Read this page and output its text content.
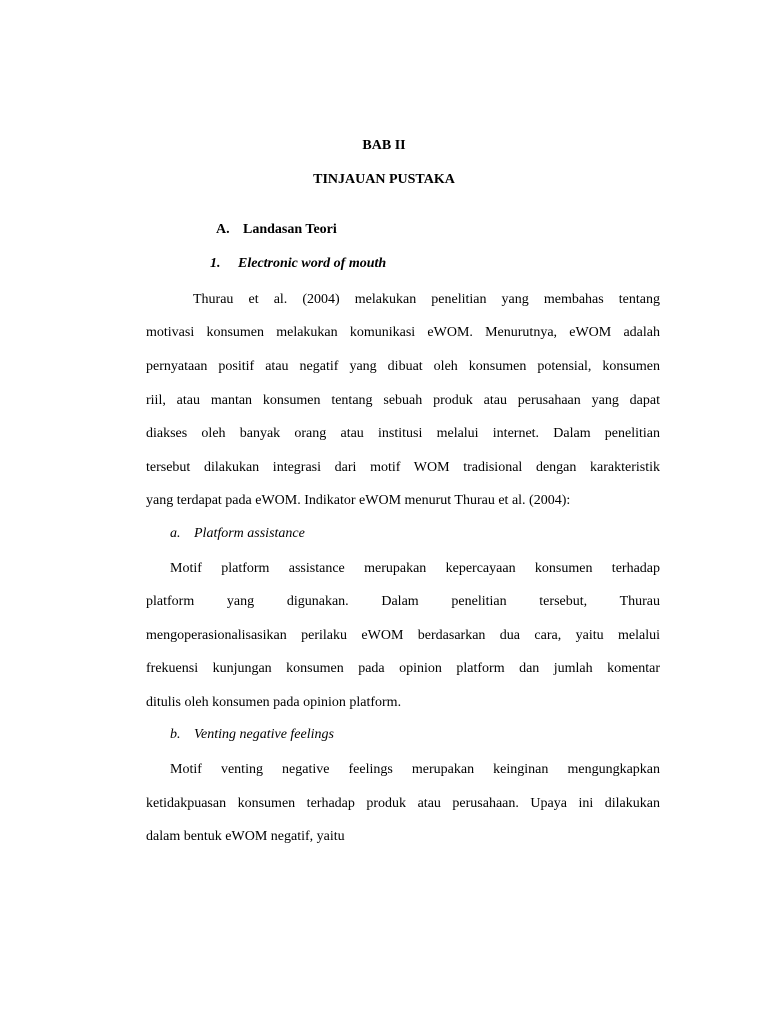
BAB II
TINJAUAN PUSTAKA
A. Landasan Teori
1. Electronic word of mouth
Thurau et al. (2004) melakukan penelitian yang membahas tentang
motivasi konsumen melakukan komunikasi eWOM. Menurutnya, eWOM adalah
pernyataan positif atau negatif yang dibuat oleh konsumen potensial, konsumen
riil, atau mantan konsumen tentang sebuah produk atau perusahaan yang dapat
diakses oleh banyak orang atau institusi melalui internet. Dalam penelitian
tersebut dilakukan integrasi dari motif WOM tradisional dengan karakteristik
yang terdapat pada eWOM. Indikator eWOM menurut Thurau et al. (2004):
a. Platform assistance
Motif platform assistance merupakan kepercayaan konsumen terhadap
platform yang digunakan. Dalam penelitian tersebut, Thurau
mengoperasionalisasikan perilaku eWOM berdasarkan dua cara, yaitu melalui
frekuensi kunjungan konsumen pada opinion platform dan jumlah komentar
ditulis oleh konsumen pada opinion platform.
b. Venting negative feelings
Motif venting negative feelings merupakan keinginan mengungkapkan
ketidakpuasan konsumen terhadap produk atau perusahaan. Upaya ini dilakukan
dalam bentuk eWOM negatif, yaitu
